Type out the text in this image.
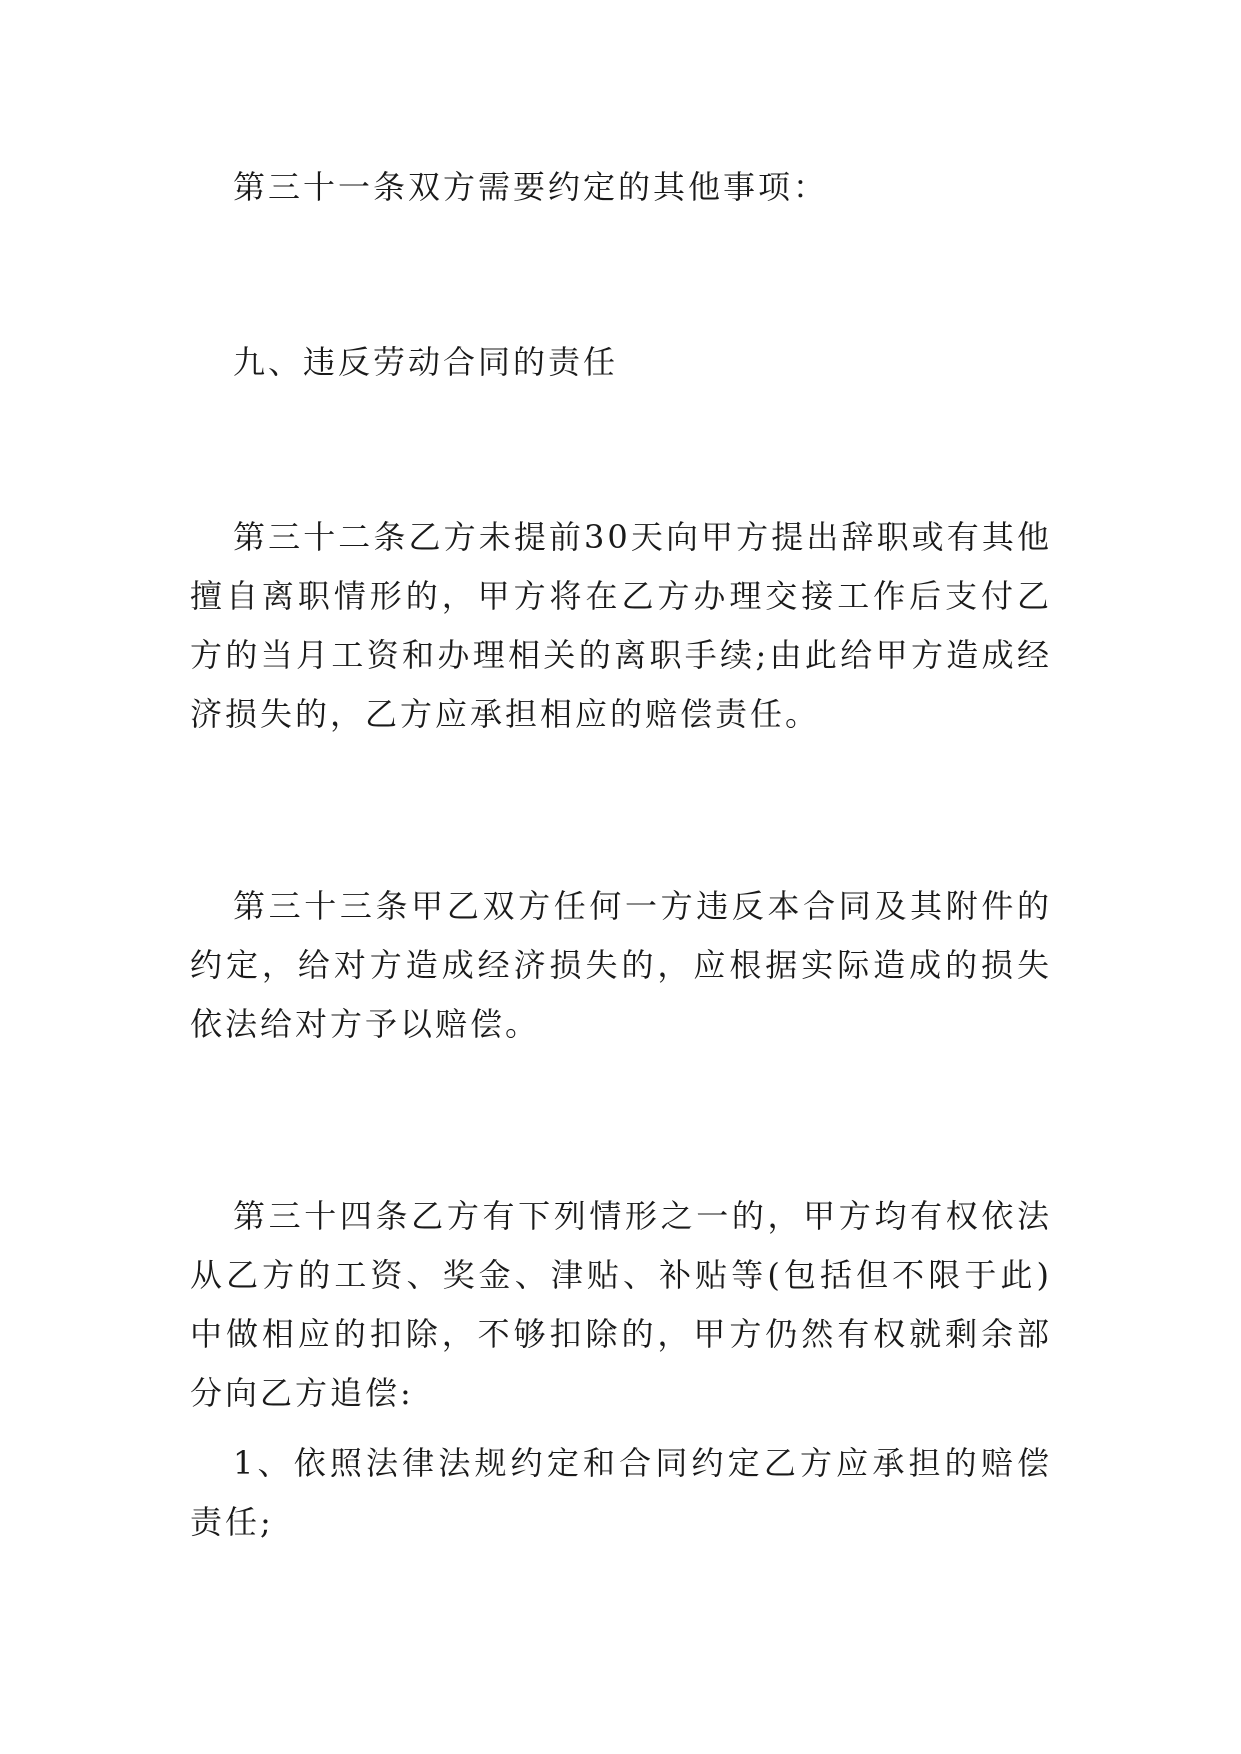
第三十一条双方需要约定的其他事项：

九、违反劳动合同的责任

第三十二条乙方未提前30天向甲方提出辞职或有其他擅自离职情形的，甲方将在乙方办理交接工作后支付乙方的当月工资和办理相关的离职手续;由此给甲方造成经济损失的，乙方应承担相应的赔偿责任。

第三十三条甲乙双方任何一方违反本合同及其附件的约定，给对方造成经济损失的，应根据实际造成的损失依法给对方予以赔偿。

第三十四条乙方有下列情形之一的，甲方均有权依法从乙方的工资、奖金、津贴、补贴等(包括但不限于此)中做相应的扣除，不够扣除的，甲方仍然有权就剩余部分向乙方追偿:

1、依照法律法规约定和合同约定乙方应承担的赔偿责任;
